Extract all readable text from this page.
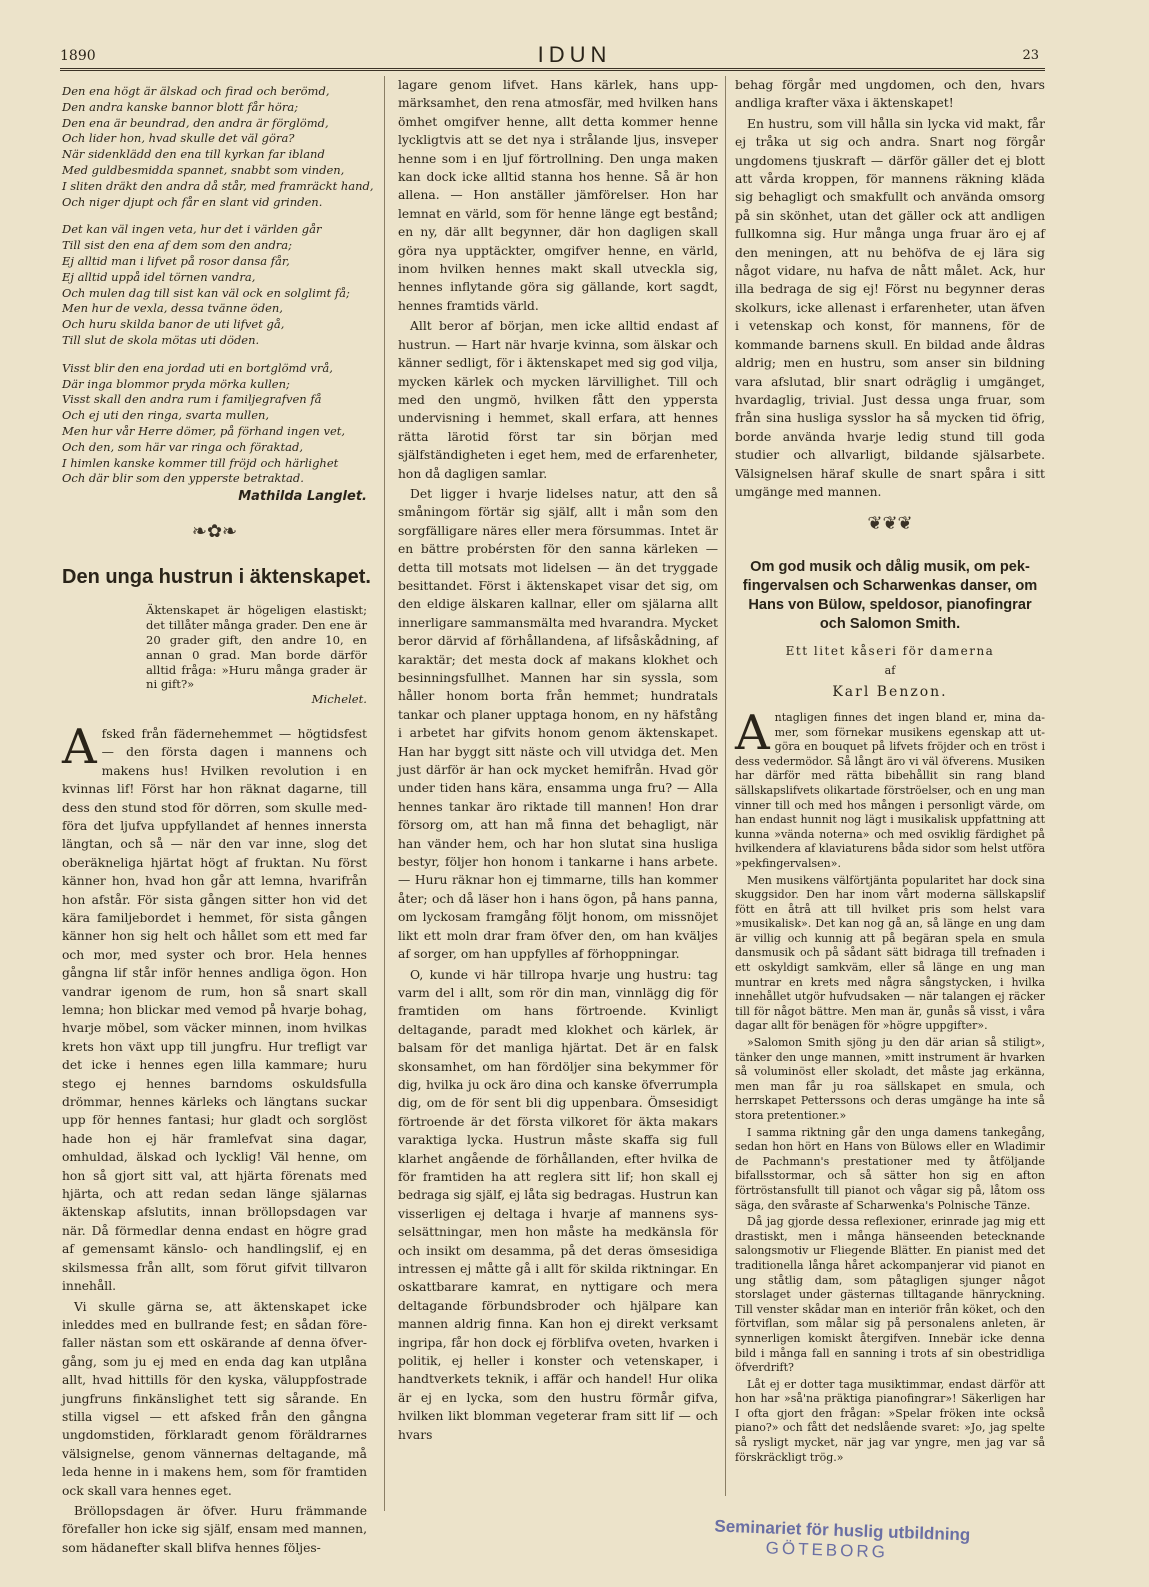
1890	IDUN	23
Den ena högt är älskad och firad och berömd,
Den andra kanske bannor blott får höra;
Den ena är beundrad, den andra är förglömd,
Och lider hon, hvad skulle det väl göra?
När sidenklädd den ena till kyrkan far ibland
Med guldbesmidda spannet, snabbt som vinden,
I sliten dräkt den andra då står, med framräckt hand,
Och niger djupt och får en slant vid grinden.
Det kan väl ingen veta, hur det i världen går
Till sist den ena af dem som den andra;
Ej alltid man i lifvet på rosor dansa får,
Ej alltid uppå idel törnen vandra,
Och mulen dag till sist kan väl ock en solglimt få;
Men hur de vexla, dessa tvänne öden,
Och huru skilda banor de uti lifvet gå,
Till slut de skola mötas uti döden.
Visst blir den ena jordad uti en bortglömd vrå,
Där inga blommor pryda mörka kullen;
Visst skall den andra rum i familjegrafven få
Och ej uti den ringa, svarta mullen,
Men hur vår Herre dömer, på förhand ingen vet,
Och den, som här var ringa och föraktad,
I himlen kanske kommer till fröjd och härlighet
Och där blir som den ypperste betraktad.
Mathilda Langlet.
❧✿❧
Den unga hustrun i äktenskapet.
Äktenskapet är högeligen elastiskt; det tillåter många grader. Den ene är 20 grader gift, den andre 10, en annan 0 grad. Man borde därför alltid fråga: »Huru många grader är ni gift?»
Michelet.

Afsked från fädernehemmet — högtidsfest — den första dagen i mannens och makens hus! Hvilken revolution i en kvinnas lif! Först har hon räknat dagarne, till dess den stund stod för dörren, som skulle medföra det ljufva uppfyllandet af hennes innersta längtan, och så — när den var inne, slog det oberäkneliga hjärtat högt af fruktan. Nu först känner hon, hvad hon går att lemna, hvarifrån hon afstår. För sista gången sitter hon vid det kära familjebordet i hemmet, för sista gången känner hon sig helt och hållet som ett med far och mor, med syster och bror. Hela hennes gångna lif står inför hennes andliga ögon. Hon vandrar igenom de rum, hon så snart skall lemna; hon blickar med vemod på hvarje bohag, hvarje möbel, som väcker minnen, inom hvilkas krets hon växt upp till jungfru. Hur trefligt var det icke i hennes egen lilla kammare; huru stego ej hennes barndoms oskuldsfulla drömmar, hennes kärleks och längtans suckar upp för hennes fantasi; hur gladt och sorglöst hade hon ej här framlefvat sina dagar, omhuldad, älskad och lycklig! Väl henne, om hon så gjort sitt val, att hjärta förenats med hjärta, och att redan sedan länge själarnas äktenskap afslutits, innan bröllopsdagen var när. Då förmedlar denna endast en högre grad af gemensamt känslo- och handlingslif, ej en skilsmessa från allt, som förut gifvit tillvaron innehåll.

Vi skulle gärna se, att äktenskapet icke inleddes med en bullrande fest; en sådan förefaller nästan som ett oskärande af denna öfvergång, som ju ej med en enda dag kan utplåna allt, hvad hittills för den kyska, väluppfostrade jungfruns finkänslighet tett sig sårande. En stilla vigsel — ett afsked från den gångna ungdomstiden, förklaradt genom föräldrarnes välsignelse, genom vännernas deltagande, må leda henne in i makens hem, som för framtiden ock skall vara hennes eget.

Bröllopsdagen är öfver. Huru främmande förefaller hon icke sig själf, ensam med mannen, som hädanefter skall blifva hennes följes-

lagare genom lifvet. Hans kärlek, hans uppmärksamhet, den rena atmosfär, med hvilken hans ömhet omgifver henne, allt detta kommer henne lyckligtvis att se det nya i strålande ljus, insveper henne som i en ljuf förtrollning. Den unga maken kan dock icke alltid stanna hos henne. Så är hon allena. — Hon anställer jämförelser. Hon har lemnat en värld, som för henne länge egt bestånd; en ny, där allt begynner, där hon dagligen skall göra nya upptäckter, omgifver henne, en värld, inom hvilken hennes makt skall utveckla sig, hennes inflytande göra sig gällande, kort sagdt, hennes framtids värld.

Allt beror af början, men icke alltid endast af hustrun. — Hart när hvarje kvinna, som älskar och känner sedligt, för i äktenskapet med sig god vilja, mycken kärlek och mycken lärvillighet. Till och med den ungmö, hvilken fått den yppersta undervisning i hemmet, skall erfara, att hennes rätta lärotid först tar sin början med själfständigheten i eget hem, med de erfarenheter, hon då dagligen samlar.

Det ligger i hvarje lidelses natur, att den så småningom förtär sig själf, allt i mån som den sorgfälligare näres eller mera försummas. Intet är en bättre probérsten för den sanna kärleken — detta till motsats mot lidelsen — än det tryggade besittandet. Först i äktenskapet visar det sig, om den eldige älskaren kallnar, eller om själarna allt innerligare sammansmälta med hvarandra. Mycket beror därvid af förhållandena, af lifsåskådning, af karaktär; det mesta dock af makans klokhet och besinningsfullhet. Mannen har sin syssla, som håller honom borta från hemmet; hundratals tankar och planer upptaga honom, en ny häfstång i arbetet har gifvits honom genom äktenskapet. Han har byggt sitt näste och vill utvidga det. Men just därför är han ock mycket hemifrån. Hvad gör under tiden hans kära, ensamma unga fru? — Alla hennes tankar äro riktade till mannen! Hon drar försorg om, att han må finna det behagligt, när han vänder hem, och har hon slutat sina husliga bestyr, följer hon honom i tankarne i hans arbete. — Huru räknar hon ej timmarne, tills han kommer åter; och då läser hon i hans ögon, på hans panna, om lyckosam framgång följt honom, om missnöjet likt ett moln drar fram öfver den, om han kväljes af sorger, om han uppfylles af förhoppningar.

O, kunde vi här tillropa hvarje ung hustru: tag varm del i allt, som rör din man, vinnlägg dig för framtiden om hans förtroende. Kvinligt deltagande, paradt med klokhet och kärlek, är balsam för det manliga hjärtat. Det är en falsk skonsamhet, om han fördöljer sina bekymmer för dig, hvilka ju ock äro dina och kanske öfverrumpla dig, om de för sent bli dig uppenbara. Ömsesidigt förtroende är det första vilkoret för äkta makars varaktiga lycka. Hustrun måste skaffa sig full klarhet angående de förhållanden, efter hvilka de för framtiden ha att reglera sitt lif; hon skall ej bedraga sig själf, ej låta sig bedragas. Hustrun kan visserligen ej deltaga i hvarje af mannens sysselsättningar, men hon måste ha medkänsla för och insikt om desamma, på det deras ömsesidiga intressen ej måtte gå i allt för skilda riktningar. En oskattbarare kamrat, en nyttigare och mera deltagande förbundsbroder och hjälpare kan mannen aldrig finna. Kan hon ej direkt verksamt ingripa, får hon dock ej förblifva oveten, hvarken i politik, ej heller i konster och vetenskaper, i handtverkets teknik, i affär och handel! Hur olika är ej en lycka, som den hustru förmår gifva, hvilken likt blomman vegeterar fram sitt lif — och hvars

behag förgår med ungdomen, och den, hvars andliga krafter växa i äktenskapet!

En hustru, som vill hålla sin lycka vid makt, får ej tråka ut sig och andra. Snart nog förgår ungdomens tjuskraft — därför gäller det ej blott att vårda kroppen, för mannens räkning kläda sig behagligt och smakfullt och använda omsorg på sin skönhet, utan det gäller ock att andligen fullkomna sig. Hur många unga fruar äro ej af den meningen, att nu behöfva de ej lära sig något vidare, nu hafva de nått målet. Ack, hur illa bedraga de sig ej! Först nu begynner deras skolkurs, icke allenast i erfarenheter, utan äfven i vetenskap och konst, för mannens, för de kommande barnens skull. En bildad ande åldras aldrig; men en hustru, som anser sin bildning vara afslutad, blir snart odräglig i umgänget, hvardaglig, trivial. Just dessa unga fruar, som från sina husliga sysslor ha så mycken tid öfrig, borde använda hvarje ledig stund till goda studier och allvarligt, bildande själsarbete. Välsignelsen häraf skulle de snart spåra i sitt umgänge med mannen.

❦❦❦
Om god musik och dålig musik, om pekfingervalsen och Scharwenkas danser, om Hans von Bülow, speldosor, pianofingrar och Salomon Smith.
Ett litet kåseri för damerna
af
Karl Benzon.

Antagligen finnes det ingen bland er, mina damer, som förnekar musikens egenskap att utgöra en bouquet på lifvets fröjder och en tröst i dess vedermödor. Så långt äro vi väl öfverens. Musiken har därför med rätta bibehållit sin rang bland sällskapslifvets olikartade förströelser, och en ung man vinner till och med hos mången i personligt värde, om han endast hunnit nog lägt i musikalisk uppfattning att kunna »vända noterna» och med osviklig färdighet på hvilkendera af klaviaturens båda sidor som helst utföra »pekfingervalsen».

Men musikens välförtjänta popularitet har dock sina skuggsidor. Den har inom vårt moderna sällskapslif fött en åtrå att till hvilket pris som helst vara »musikalisk». Det kan nog gå an, så länge en ung dam är villig och kunnig att på begäran spela en smula dansmusik och på sådant sätt bidraga till trefnaden i ett oskyldigt samkväm, eller så länge en ung man muntrar en krets med några sångstycken, i hvilka innehållet utgör hufvudsaken — när talangen ej räcker till för något bättre. Men man är, gunås så visst, i våra dagar allt för benägen för »högre uppgifter».

»Salomon Smith sjöng ju den där arian så stiligt», tänker den unge mannen, »mitt instrument är hvarken så voluminöst eller skoladt, det måste jag erkänna, men man får ju roa sällskapet en smula, och herrskapet Petterssons och deras umgänge ha inte så stora pretentioner.»

I samma riktning går den unga damens tankegång, sedan hon hört en Hans von Bülows eller en Wladimir de Pachmann's prestationer med ty åtföljande bifallsstormar, och så sätter hon sig en afton förtröstansfullt till pianot och vågar sig på, låtom oss säga, den svåraste af Scharwenka's Polnische Tänze.

Då jag gjorde dessa reflexioner, erinrade jag mig ett drastiskt, men i många hänseenden betecknande salongsmotiv ur Fliegende Blätter. En pianist med det traditionella långa håret ackompanjerar vid pianot en ung ståtlig dam, som påtagligen sjunger något storslaget under gästernas tilltagande hänryckning. Till venster skådar man en interiör från köket, och den förtviflan, som målar sig på personalens anleten, är synnerligen komiskt återgifven. Innebär icke denna bild i många fall en sanning i trots af sin obestridliga öfverdrift?

Låt ej er dotter taga musiktimmar, endast därför att hon har »så'na präktiga pianofingrar»! Säkerligen har I ofta gjort den frågan: »Spelar fröken inte också piano?» och fått det nedslående svaret: »Jo, jag spelte så rysligt mycket, när jag var yngre, men jag var så förskräckligt trög.»

Seminariet för huslig utbildning
GÖTEBORG
